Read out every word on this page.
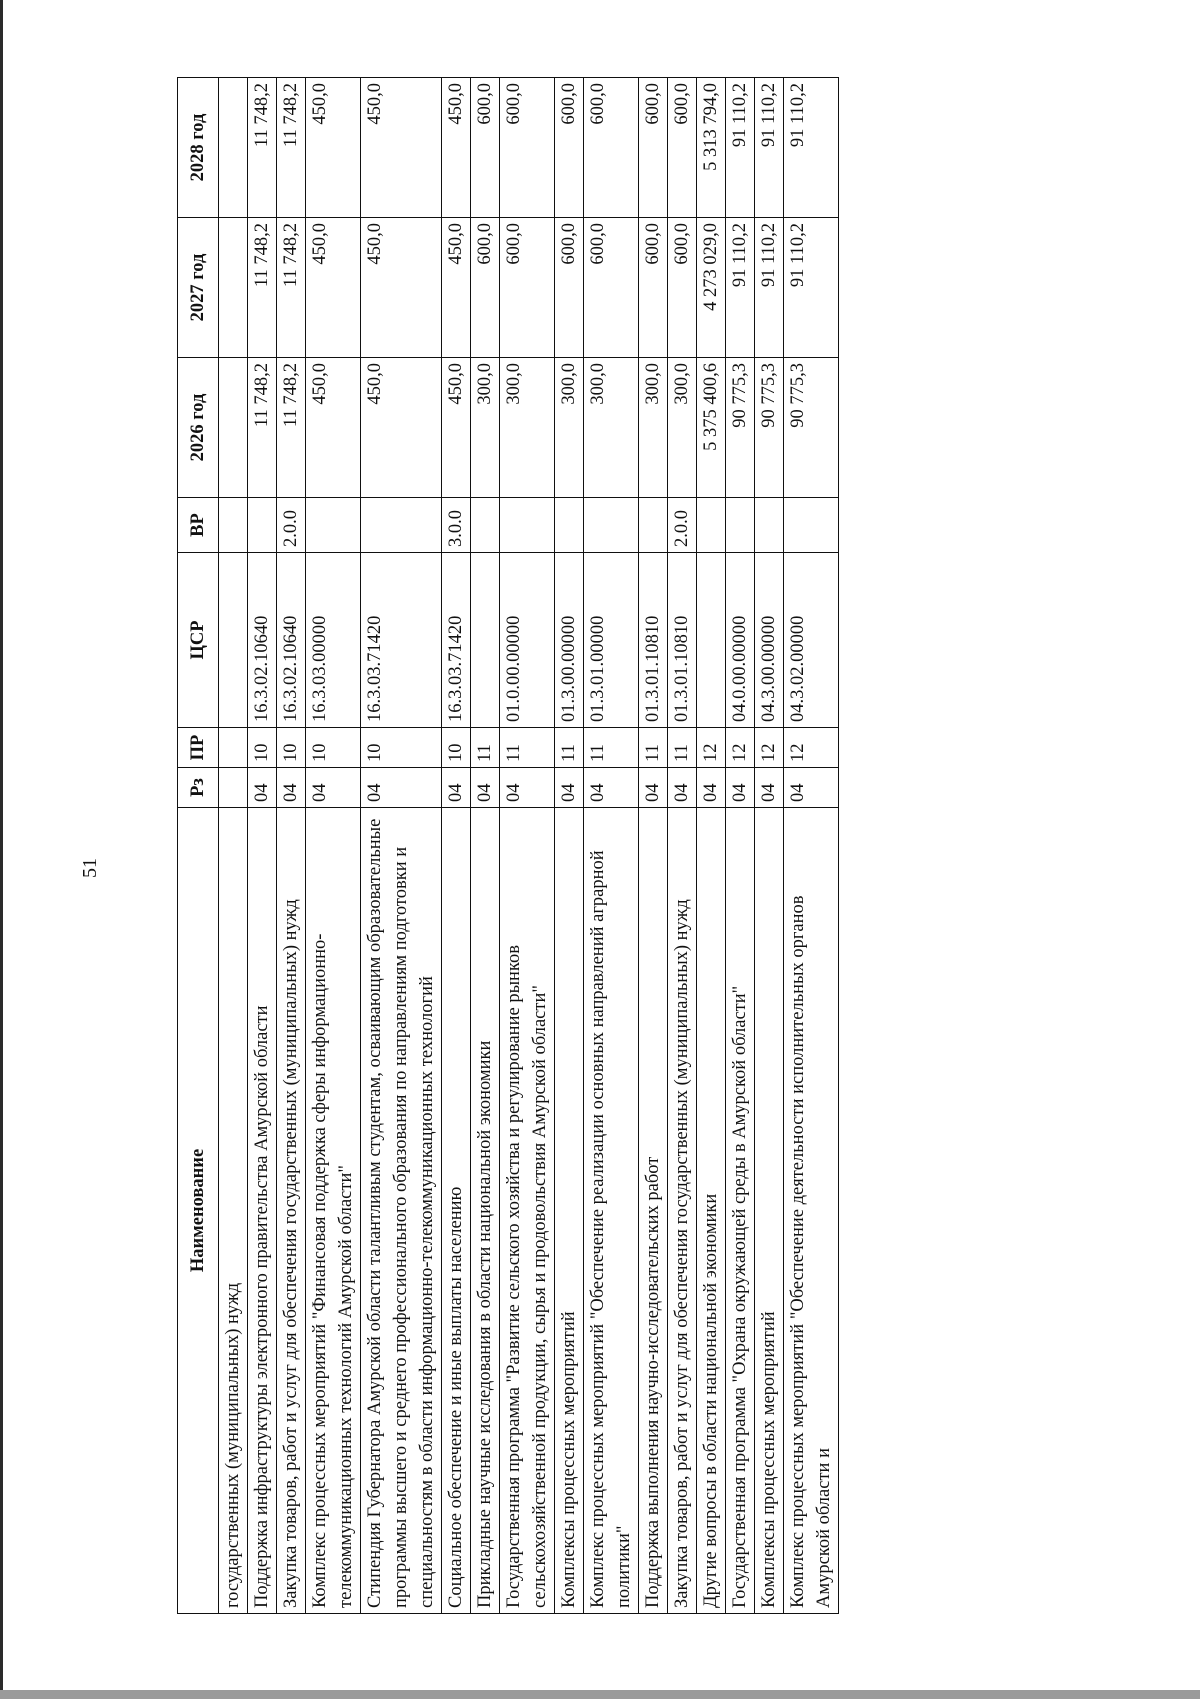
51
Наименование	Рз	ПР	ЦСР	ВР	2026 год	2027 год	2028 год
государственных (муниципальных) нужд							
Поддержка инфраструктуры электронного правительства Амурской области	04	10	16.3.02.10640		11 748,2	11 748,2	11 748,2
Закупка товаров, работ и услуг для обеспечения государственных (муниципальных) нужд	04	10	16.3.02.10640	2.0.0	11 748,2	11 748,2	11 748,2
Комплекс процессных мероприятий "Финансовая поддержка сферы информационно-телекоммуникационных технологий Амурской области"	04	10	16.3.03.00000		450,0	450,0	450,0
Стипендия Губернатора Амурской области талантливым студентам, осваивающим образовательные программы высшего и среднего профессионального образования по направлениям подготовки и специальностям в области информационно-телекоммуникационных технологий	04	10	16.3.03.71420		450,0	450,0	450,0
Социальное обеспечение и иные выплаты населению	04	10	16.3.03.71420	3.0.0	450,0	450,0	450,0
Прикладные научные исследования в области национальной экономики	04	11			300,0	600,0	600,0
Государственная программа "Развитие сельского хозяйства и регулирование рынков сельскохозяйственной продукции, сырья и продовольствия Амурской области"	04	11	01.0.00.00000		300,0	600,0	600,0
Комплексы процессных мероприятий	04	11	01.3.00.00000		300,0	600,0	600,0
Комплекс процессных мероприятий "Обеспечение реализации основных направлений аграрной политики"	04	11	01.3.01.00000		300,0	600,0	600,0
Поддержка выполнения научно-исследовательских работ	04	11	01.3.01.10810		300,0	600,0	600,0
Закупка товаров, работ и услуг для обеспечения государственных (муниципальных) нужд	04	11	01.3.01.10810	2.0.0	300,0	600,0	600,0
Другие вопросы в области национальной экономики	04	12			5 375 400,6	4 273 029,0	5 313 794,0
Государственная программа "Охрана окружающей среды в Амурской области"	04	12	04.0.00.00000		90 775,3	91 110,2	91 110,2
Комплексы процессных мероприятий	04	12	04.3.00.00000		90 775,3	91 110,2	91 110,2
Комплекс процессных мероприятий "Обеспечение деятельности исполнительных органов Амурской области и	04	12	04.3.02.00000		90 775,3	91 110,2	91 110,2
